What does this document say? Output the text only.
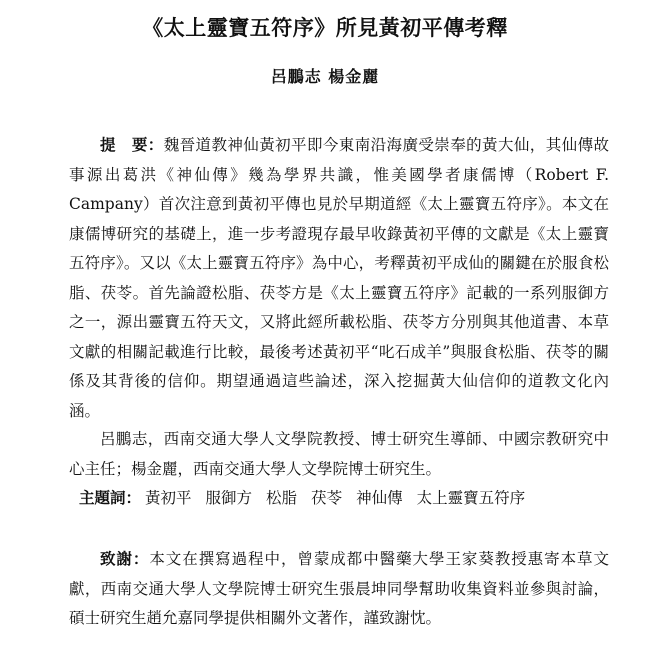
《太上靈寶五符序》所見黃初平傳考釋
呂鵬志 楊金麗
提　要：魏晉道教神仙黃初平即今東南沿海廣受崇奉的黃大仙，其仙傳故事源出葛洪《神仙傳》幾為學界共識，惟美國學者康儒博（Robert F. Campany）首次注意到黃初平傳也見於早期道經《太上靈寶五符序》。本文在康儒博研究的基礎上，進一步考證現存最早收錄黃初平傳的文獻是《太上靈寶五符序》。又以《太上靈寶五符序》為中心，考釋黃初平成仙的關鍵在於服食松脂、茯苓。首先論證松脂、茯苓方是《太上靈寶五符序》記載的一系列服御方之一，源出靈寶五符天文，又將此經所載松脂、茯苓方分別與其他道書、本草文獻的相關記載進行比較，最後考述黃初平“叱石成羊”與服食松脂、茯苓的關係及其背後的信仰。期望通過這些論述，深入挖掘黃大仙信仰的道教文化內涵。
呂鵬志，西南交通大學人文學院教授、博士研究生導師、中國宗教研究中心主任；楊金麗，西南交通大學人文學院博士研究生。
主題詞： 黃初平 服御方 松脂 茯苓 神仙傳 太上靈寶五符序
致謝：本文在撰寫過程中，曾蒙成都中醫藥大學王家葵教授惠寄本草文獻，西南交通大學人文學院博士研究生張晨坤同學幫助收集資料並參與討論，碩士研究生趙允嘉同學提供相關外文著作，謹致謝忱。
